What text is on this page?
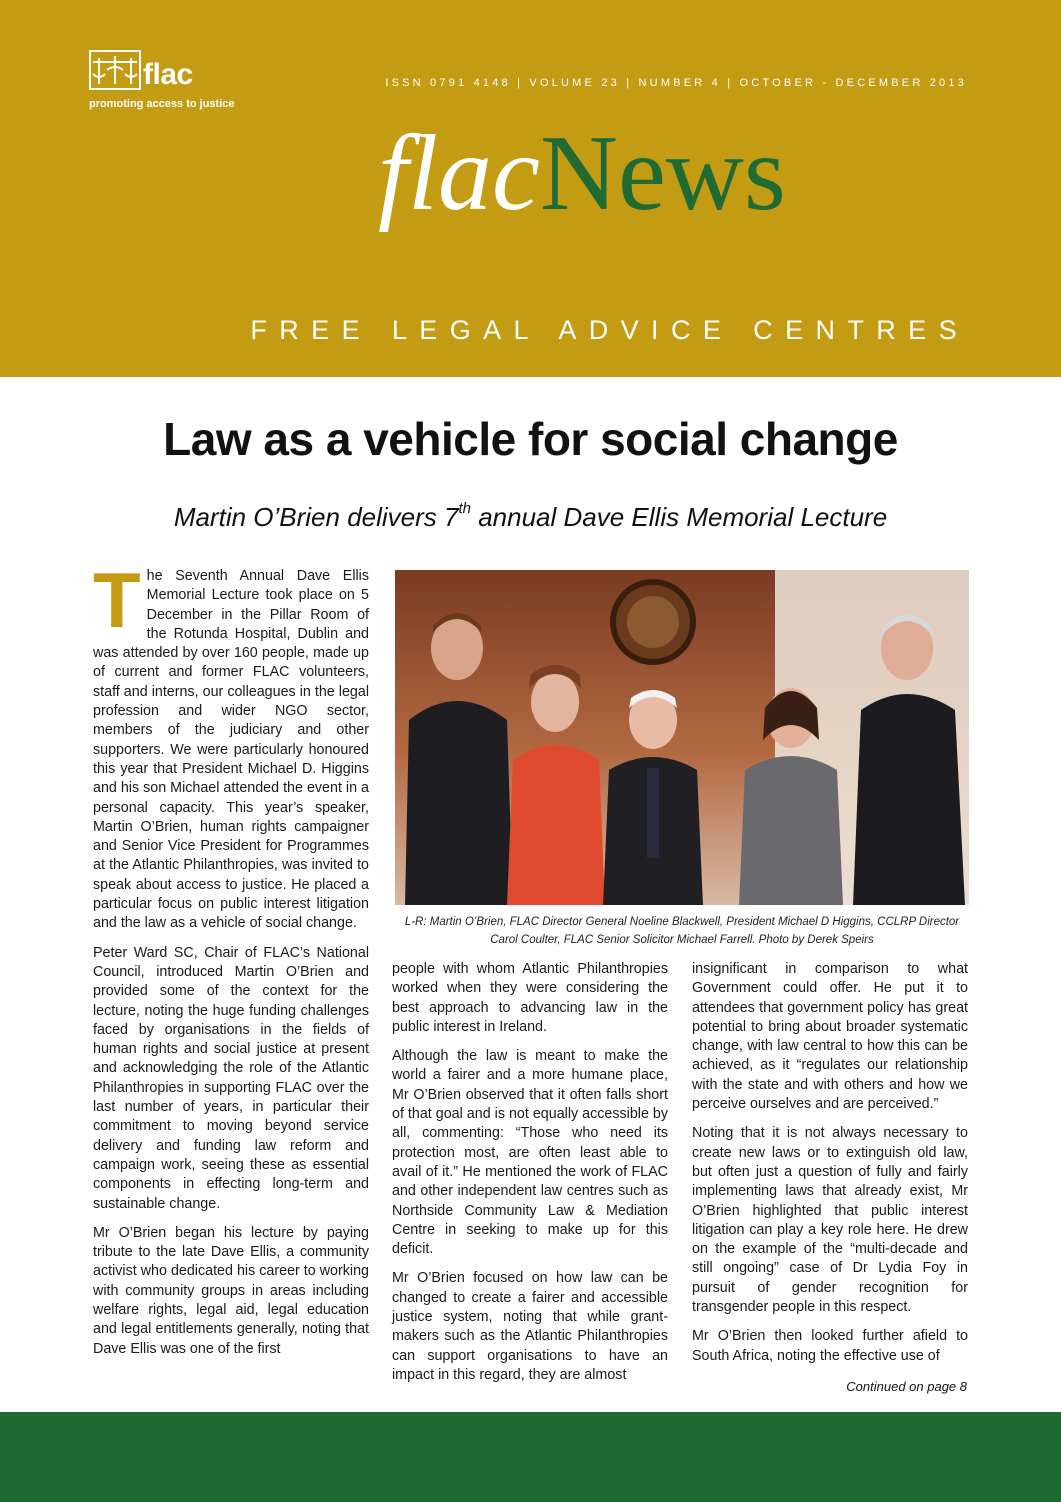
flac
promoting access to justice
ISSN 0791 4148 | VOLUME 23 | NUMBER 4 | OCTOBER - DECEMBER 2013
flacNews
FREE LEGAL ADVICE CENTRES
Law as a vehicle for social change
Martin O’Brien delivers 7th annual Dave Ellis Memorial Lecture

The Seventh Annual Dave Ellis Memorial Lecture took place on 5 December in the Pillar Room of the Rotunda Hospital, Dublin and was attended by over 160 people, made up of current and former FLAC volunteers, staff and interns, our colleagues in the legal profession and wider NGO sector, members of the judiciary and other supporters. We were particularly honoured this year that President Michael D. Higgins and his son Michael attended the event in a personal capacity. This year’s speaker, Martin O’Brien, human rights campaigner and Senior Vice President for Programmes at the Atlantic Philanthropies, was invited to speak about access to justice. He placed a particular focus on public interest litigation and the law as a vehicle of social change.

Peter Ward SC, Chair of FLAC’s National Council, introduced Martin O’Brien and provided some of the context for the lecture, noting the huge funding challenges faced by organisations in the fields of human rights and social justice at present and acknowledging the role of the Atlantic Philanthropies in supporting FLAC over the last number of years, in particular their commitment to moving beyond service delivery and funding law reform and campaign work, seeing these as essential components in effecting long-term and sustainable change.

Mr O’Brien began his lecture by paying tribute to the late Dave Ellis, a community activist who dedicated his career to working with community groups in areas including welfare rights, legal aid, legal education and legal entitlements generally, noting that Dave Ellis was one of the first

L-R: Martin O’Brien, FLAC Director General Noeline Blackwell, President Michael D Higgins, CCLRP Director Carol Coulter, FLAC Senior Solicitor Michael Farrell. Photo by Derek Speirs

people with whom Atlantic Philanthropies worked when they were considering the best approach to advancing law in the public interest in Ireland.

Although the law is meant to make the world a fairer and a more humane place, Mr O’Brien observed that it often falls short of that goal and is not equally accessible by all, commenting: “Those who need its protection most, are often least able to avail of it.” He mentioned the work of FLAC and other independent law centres such as Northside Community Law & Mediation Centre in seeking to make up for this deficit.

Mr O’Brien focused on how law can be changed to create a fairer and accessible justice system, noting that while grant-makers such as the Atlantic Philanthropies can support organisations to have an impact in this regard, they are almost

insignificant in comparison to what Government could offer. He put it to attendees that government policy has great potential to bring about broader systematic change, with law central to how this can be achieved, as it “regulates our relationship with the state and with others and how we perceive ourselves and are perceived.”

Noting that it is not always necessary to create new laws or to extinguish old law, but often just a question of fully and fairly implementing laws that already exist, Mr O’Brien highlighted that public interest litigation can play a key role here. He drew on the example of the “multi-decade and still ongoing” case of Dr Lydia Foy in pursuit of gender recognition for transgender people in this respect.

Mr O’Brien then looked further afield to South Africa, noting the effective use of

Continued on page 8
